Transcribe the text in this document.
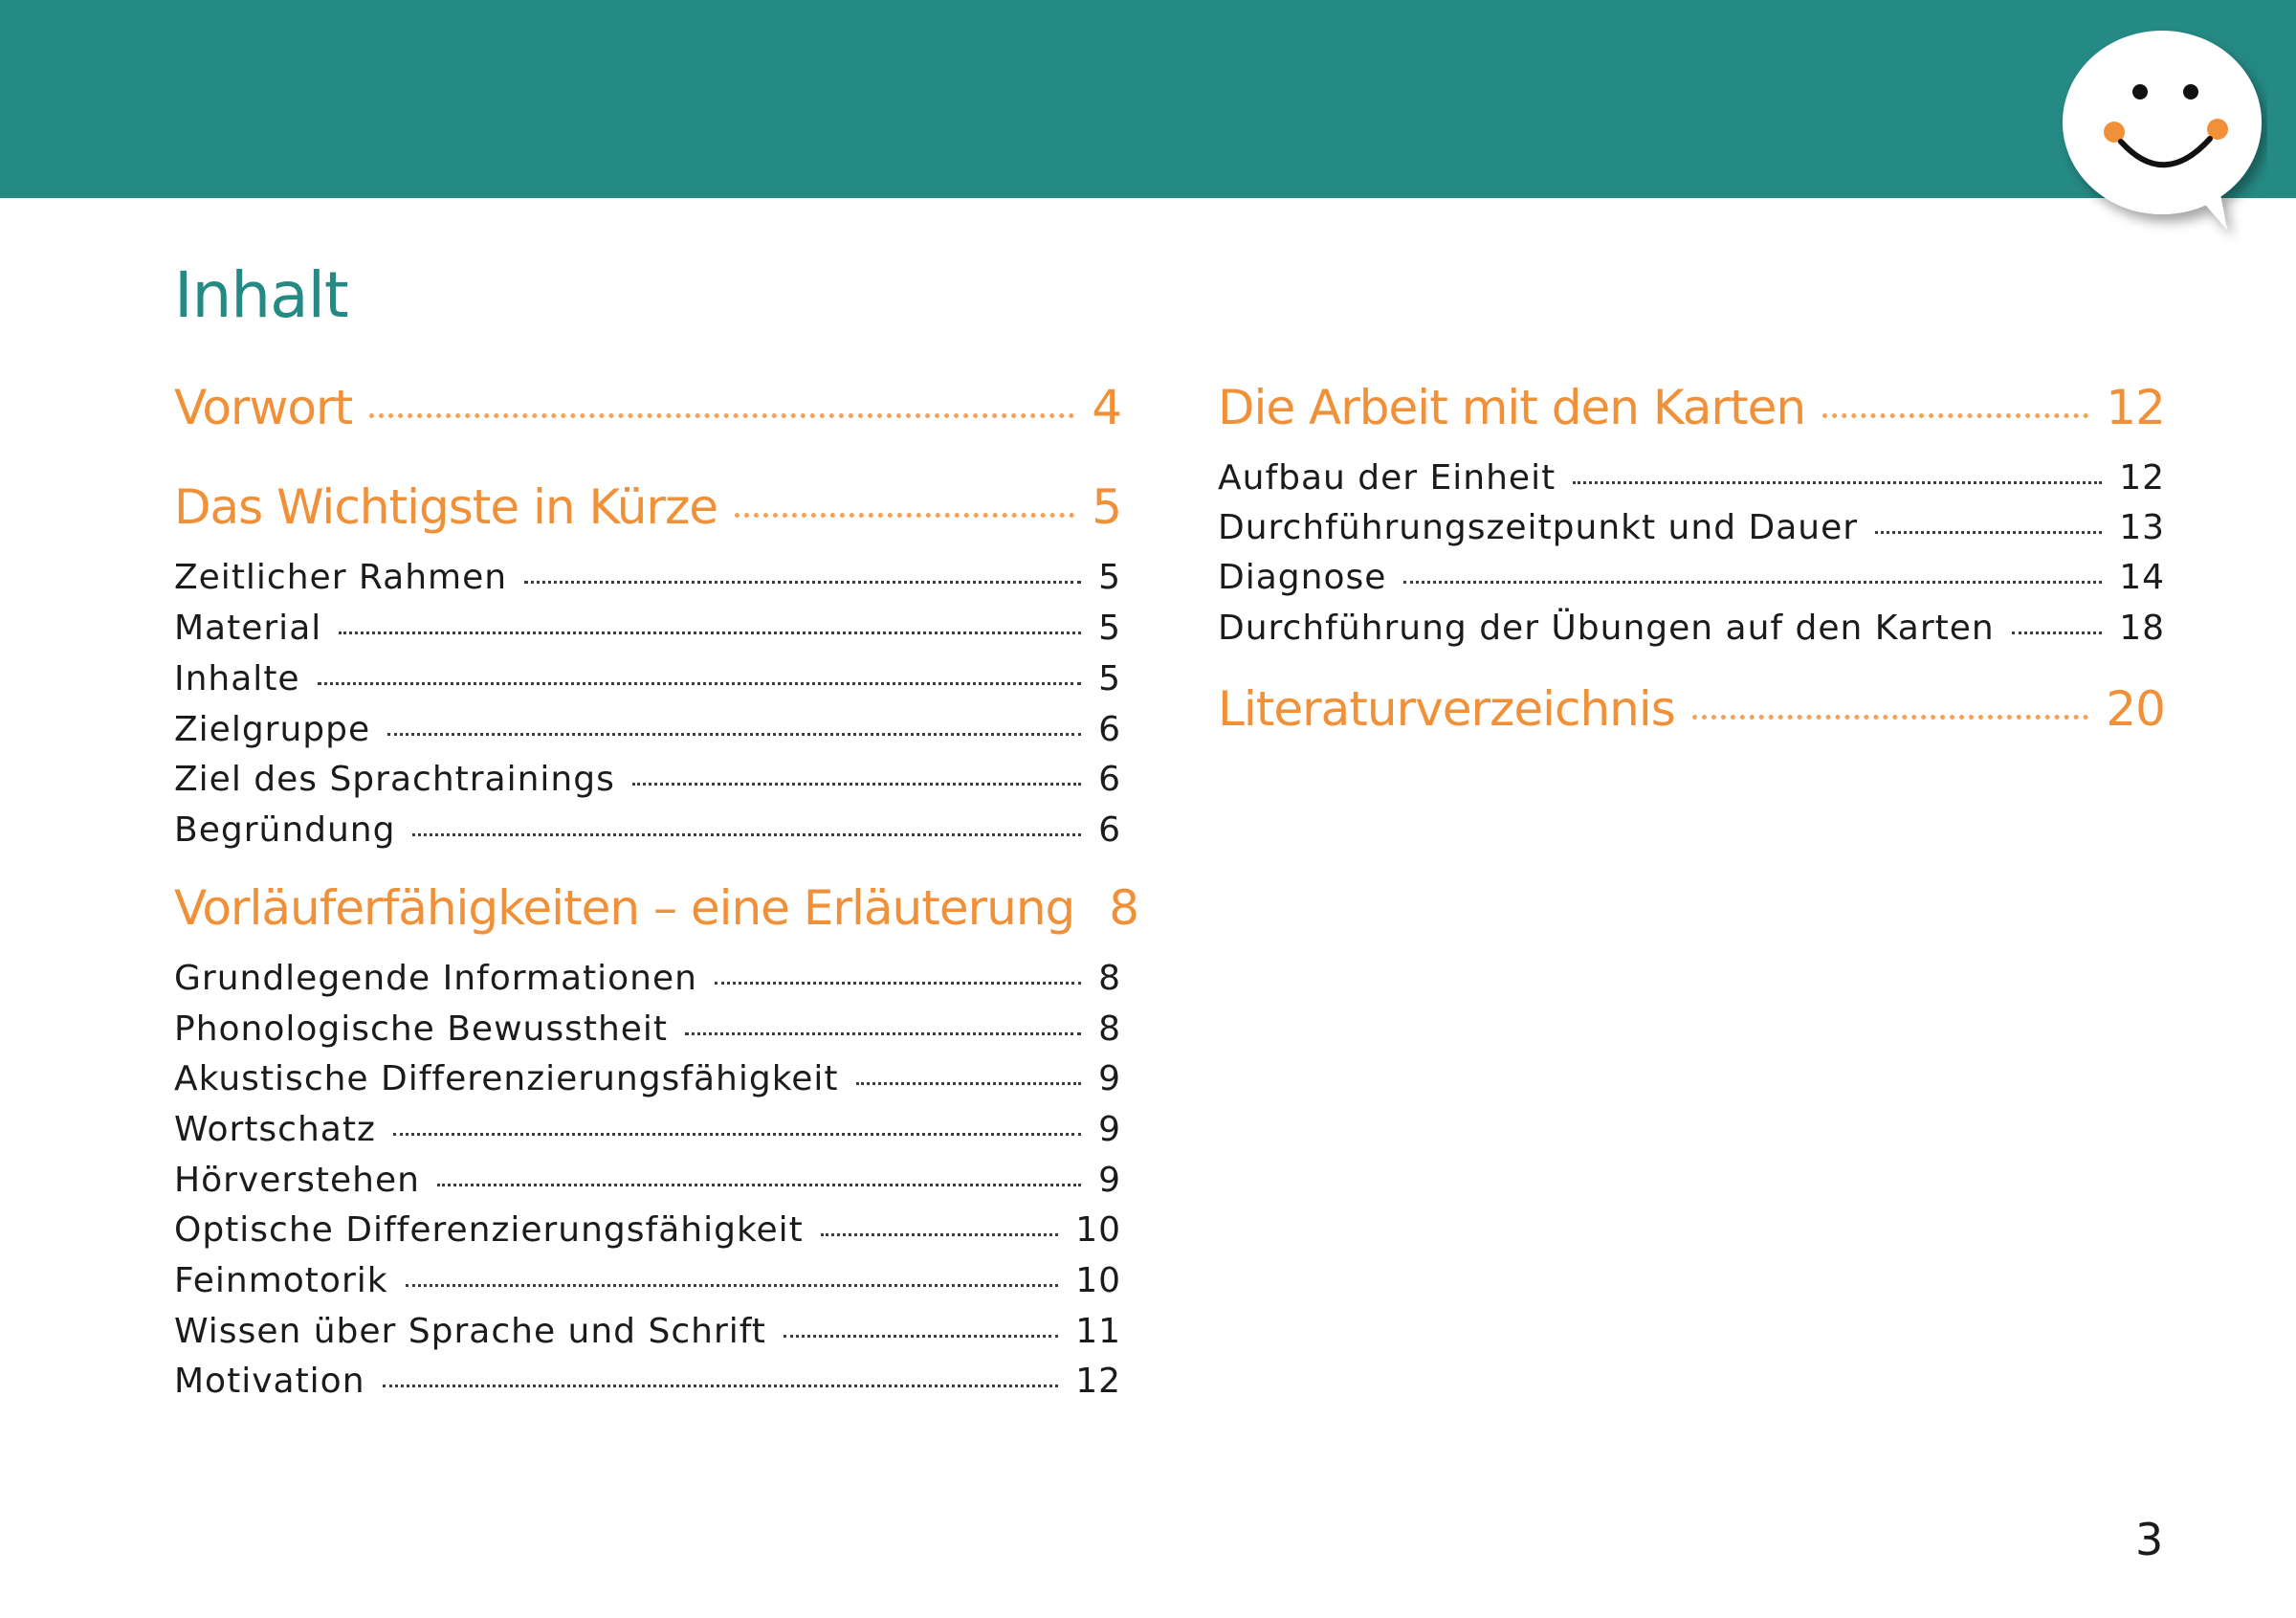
Inhalt
Vorwort	4
Das Wichtigste in Kürze	5
Zeitlicher Rahmen	5
Material	5
Inhalte	5
Zielgruppe	6
Ziel des Sprachtrainings	6
Begründung	6
Vorläuferfähigkeiten – eine Erläuterung 8
Grundlegende Informationen	8
Phonologische Bewusstheit	8
Akustische Differenzierungsfähigkeit	9
Wortschatz	9
Hörverstehen	9
Optische Differenzierungsfähigkeit	10
Feinmotorik	10
Wissen über Sprache und Schrift	11
Motivation	12
Die Arbeit mit den Karten	12
Aufbau der Einheit	12
Durchführungszeitpunkt und Dauer	13
Diagnose	14
Durchführung der Übungen auf den Karten	18
Literaturverzeichnis	20
3
